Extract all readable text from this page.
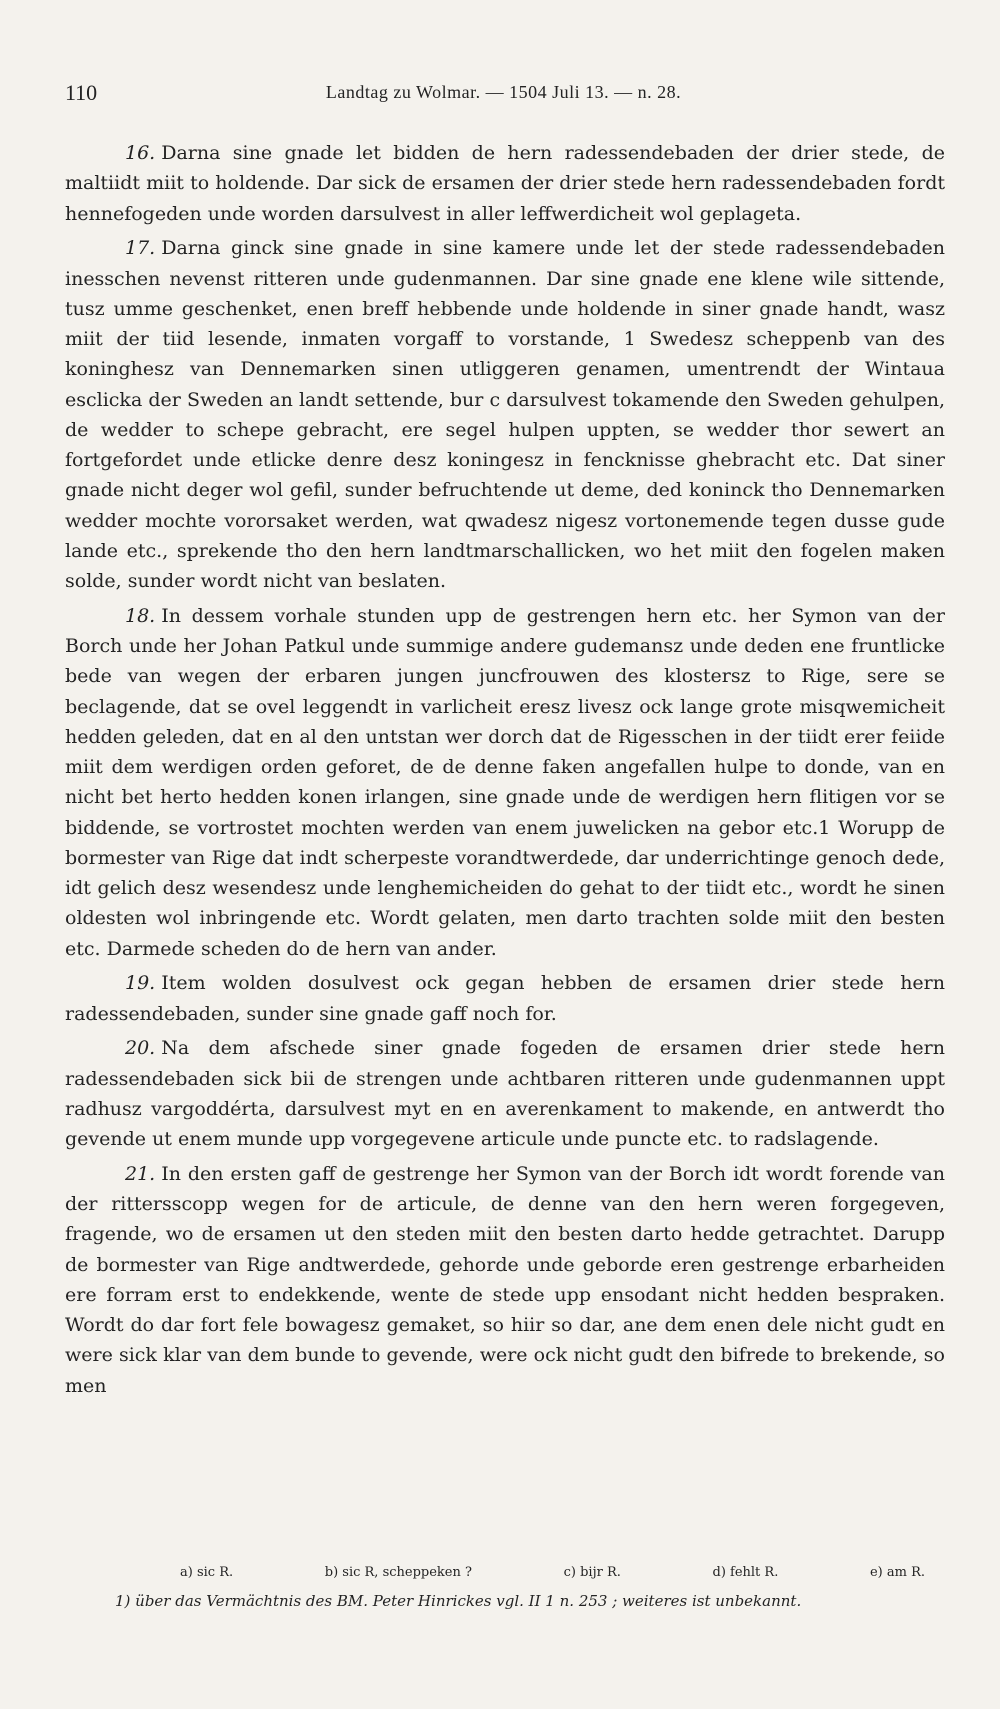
110	Landtag zu Wolmar. — 1504 Juli 13. — n. 28.

16. Darna sine gnade let bidden de hern radessendebaden der drier stede, de maltiidt miit to holdende. Dar sick de ersamen der drier stede hern radessendebaden fordt hennefogeden unde worden darsulvest in aller leffwerdicheit wol geplageta.

17. Darna ginck sine gnade in sine kamere unde let der stede radessendebaden inesschen nevenst ritteren unde gudenmannen. Dar sine gnade ene klene wile sittende, tusz umme geschenket, enen breff hebbende unde holdende in siner gnade handt, wasz miit der tiid lesende, inmaten vorgaff to vorstande, 1 Swedesz scheppenb van des koninghesz van Dennemarken sinen utliggeren genamen, umentrendt der Wintaua esclicka der Sweden an landt settende, bur c darsulvest tokamende den Sweden gehulpen, de wedder to schepe gebracht, ere segel hulpen uppten, se wedder thor sewert an fortgefordet unde etlicke denre desz koningesz in fencknisse ghebracht etc. Dat siner gnade nicht deger wol gefil, sunder befruchtende ut deme, ded koninck tho Dennemarken wedder mochte vororsaket werden, wat qwadesz nigesz vortonemende tegen dusse gude lande etc., sprekende tho den hern landtmarschallicken, wo het miit den fogelen maken solde, sunder wordt nicht van beslaten.

18. In dessem vorhale stunden upp de gestrengen hern etc. her Symon van der Borch unde her Johan Patkul unde summige andere gudemansz unde deden ene fruntlicke bede van wegen der erbaren jungen juncfrouwen des klostersz to Rige, sere se beclagende, dat se ovel leggendt in varlicheit eresz livesz ock lange grote misqwemicheit hedden geleden, dat en al den untstan wer dorch dat de Rigesschen in der tiidt erer feiide miit dem werdigen orden geforet, de de denne faken angefallen hulpe to donde, van en nicht bet herto hedden konen irlangen, sine gnade unde de werdigen hern flitigen vor se biddende, se vortrostet mochten werden van enem juwelicken na gebor etc.1 Worupp de bormester van Rige dat indt scherpeste vorandtwerdede, dar underrichtinge genoch dede, idt gelich desz wesendesz unde lenghemicheiden do gehat to der tiidt etc., wordt he sinen oldesten wol inbringende etc. Wordt gelaten, men darto trachten solde miit den besten etc. Darmede scheden do de hern van ander.

19. Item wolden dosulvest ock gegan hebben de ersamen drier stede hern radessendebaden, sunder sine gnade gaff noch for.

20. Na dem afschede siner gnade fogeden de ersamen drier stede hern radessendebaden sick bii de strengen unde achtbaren ritteren unde gudenmannen uppt radhusz vargoddérta, darsulvest myt en en averenkament to makende, en antwerdt tho gevende ut enem munde upp vorgegevene articule unde puncte etc. to radslagende.

21. In den ersten gaff de gestrenge her Symon van der Borch idt wordt forende van der rittersscopp wegen for de articule, de denne van den hern weren forgegeven, fragende, wo de ersamen ut den steden miit den besten darto hedde getrachtet. Darupp de bormester van Rige andtwerdede, gehorde unde geborde eren gestrenge erbarheiden ere forram erst to endekkende, wente de stede upp ensodant nicht hedden bespraken. Wordt do dar fort fele bowagesz gemaket, so hiir so dar, ane dem enen dele nicht gudt en were sick klar van dem bunde to gevende, were ock nicht gudt den bifrede to brekende, so men

a) sic R.	b) sic R, scheppeken ?	c) bijr R.	d) fehlt R.	e) am R.
1) über das Vermächtnis des BM. Peter Hinrickes vgl. II 1 n. 253 ; weiteres ist unbekannt.
